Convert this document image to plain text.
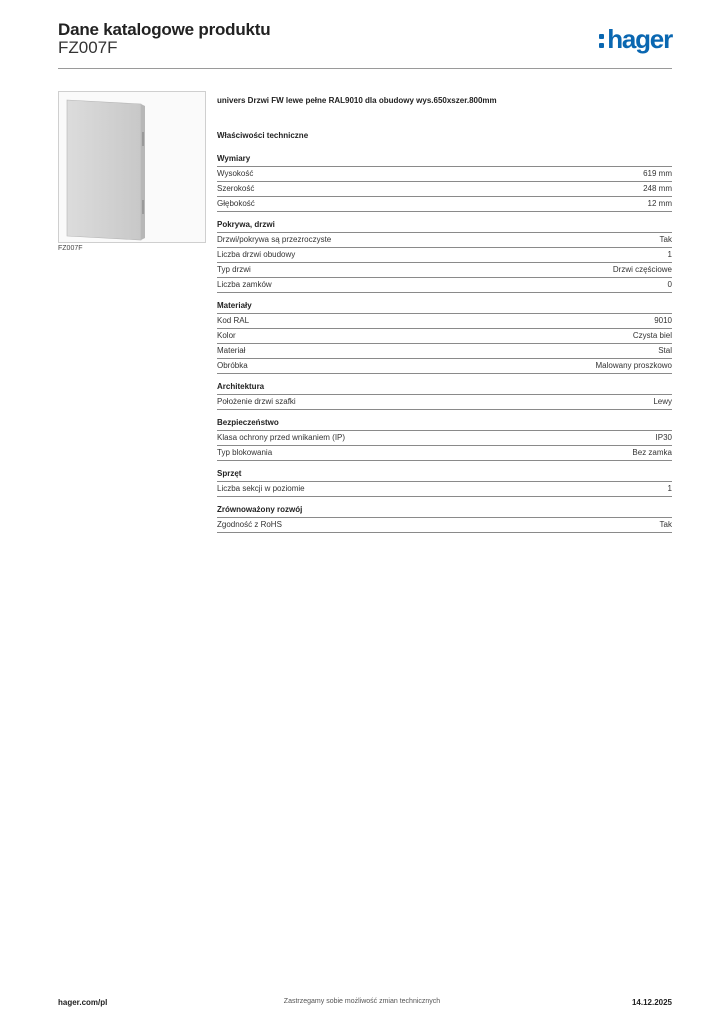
Dane katalogowe produktu
FZ007F	hager
FZ007F
univers Drzwi FW lewe pełne RAL9010 dla obudowy wys.650xszer.800mm
Właściwości techniczne
Wymiary
Wysokość	619 mm
Szerokość	248 mm
Głębokość	12 mm
Pokrywa, drzwi
Drzwi/pokrywa są przezroczyste	Tak
Liczba drzwi obudowy	1
Typ drzwi	Drzwi częściowe
Liczba zamków	0
Materiały
Kod RAL	9010
Kolor	Czysta biel
Materiał	Stal
Obróbka	Malowany proszkowo
Architektura
Położenie drzwi szafki	Lewy
Bezpieczeństwo
Klasa ochrony przed wnikaniem (IP)	IP30
Typ blokowania	Bez zamka
Sprzęt
Liczba sekcji w poziomie	1
Zrównoważony rozwój
Zgodność z RoHS	Tak
hager.com/pl	Zastrzegamy sobie możliwość zmian technicznych	14.12.2025
